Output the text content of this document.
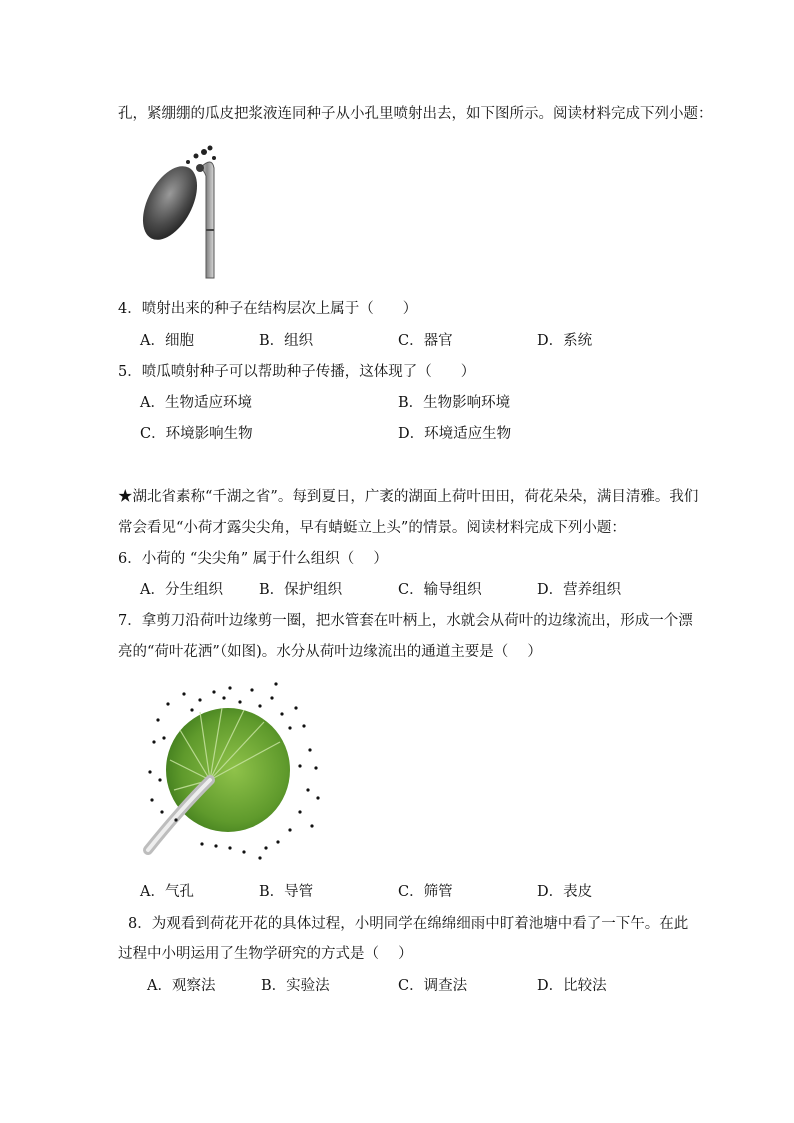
孔，紧绷绷的瓜皮把浆液连同种子从小孔里喷射出去，如下图所示。阅读材料完成下列小题：
4．喷射出来的种子在结构层次上属于（　　）
A．细胞	B．组织	C．器官	D．系统
5．喷瓜喷射种子可以帮助种子传播，这体现了（　　）
A．生物适应环境	B．生物影响环境
C．环境影响生物	D．环境适应生物
★湖北省素称“千湖之省”。每到夏日，广袤的湖面上荷叶田田，荷花朵朵，满目清雅。我们
常会看见“小荷才露尖尖角，早有蜻蜓立上头”的情景。阅读材料完成下列小题：
6．小荷的 “尖尖角” 属于什么组织（　 ）
A．分生组织 B．保护组织	C．输导组织	D．营养组织
7．拿剪刀沿荷叶边缘剪一圈，把水管套在叶柄上，水就会从荷叶的边缘流出，形成一个漂
亮的“荷叶花洒”（如图)。水分从荷叶边缘流出的通道主要是（　 ）
A．气孔	B．导管	C．筛管	D．表皮
8．为观看到荷花开花的具体过程，小明同学在绵绵细雨中盯着池塘中看了一下午。在此
过程中小明运用了生物学研究的方式是（　 ）
A．观察法	B．实验法	C．调查法	D．比较法
